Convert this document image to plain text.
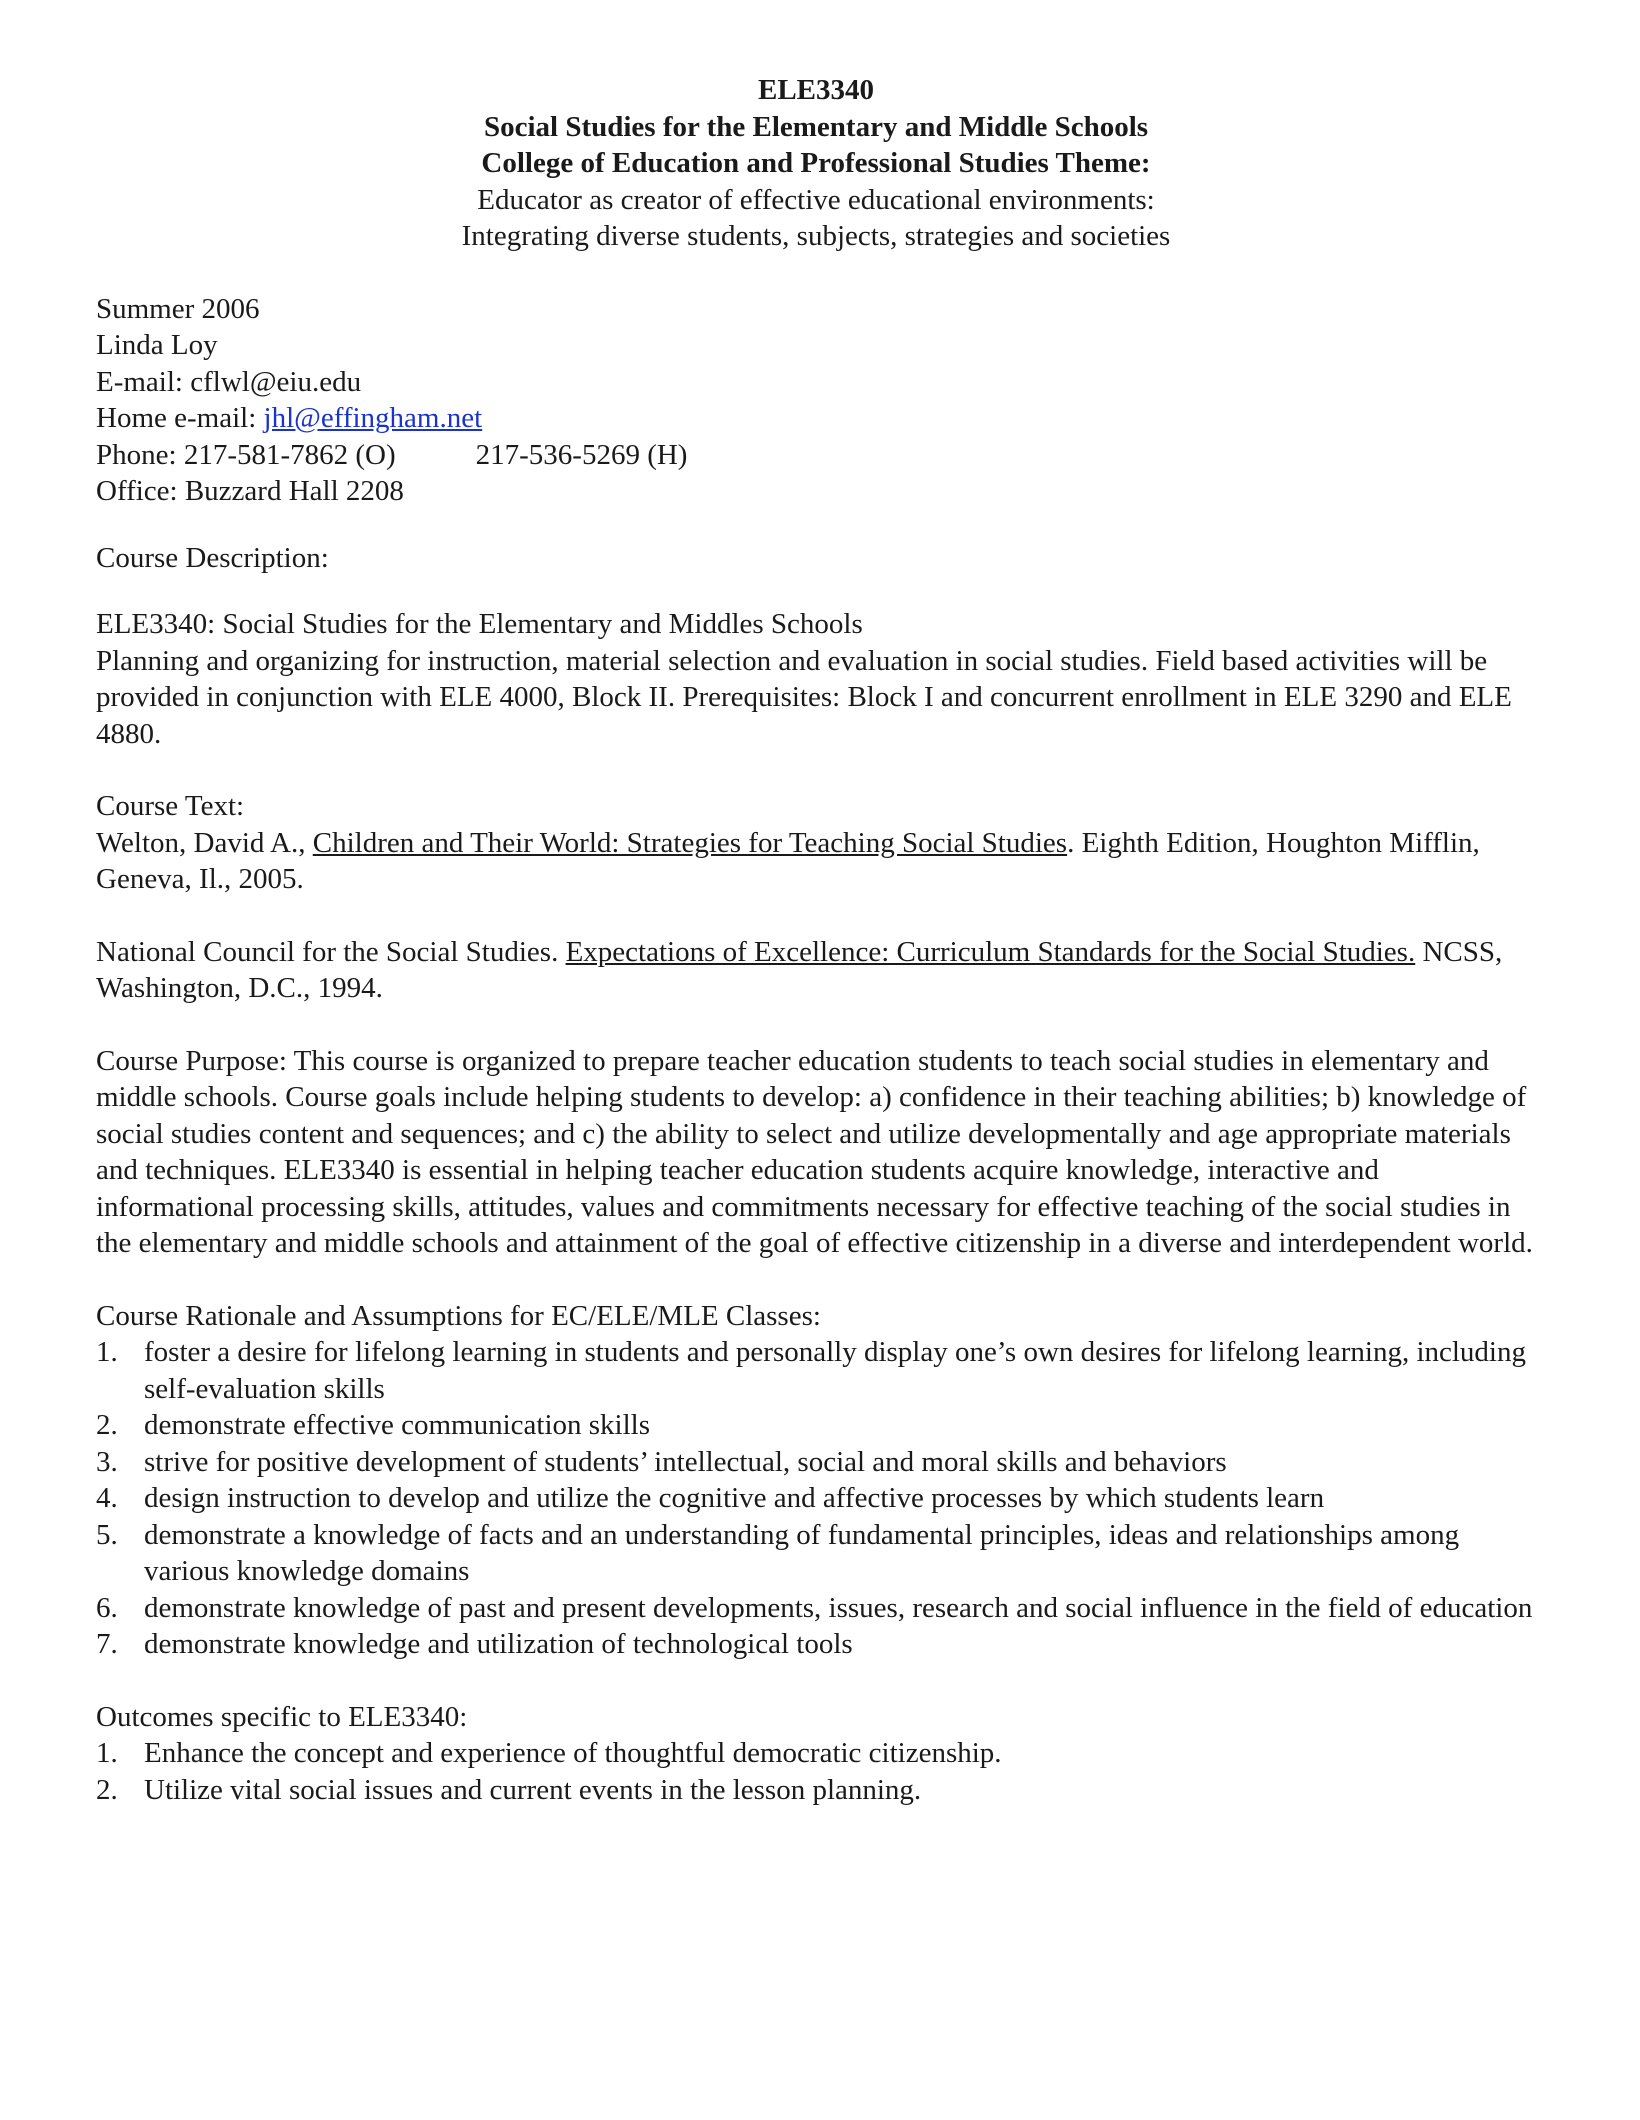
ELE3340
Social Studies for the Elementary and Middle Schools
College of Education and Professional Studies Theme:
Educator as creator of effective educational environments:
Integrating diverse students, subjects, strategies and societies
Summer 2006
Linda Loy
E-mail: cflwl@eiu.edu
Home e-mail: jhl@effingham.net
Phone: 217-581-7862 (O)	217-536-5269 (H)
Office: Buzzard Hall 2208
Course Description:
ELE3340: Social Studies for the Elementary and Middles Schools
Planning and organizing for instruction, material selection and evaluation in social studies. Field based activities will be provided in conjunction with ELE 4000, Block II. Prerequisites: Block I and concurrent enrollment in ELE 3290 and ELE 4880.
Course Text:
Welton, David A., Children and Their World: Strategies for Teaching Social Studies. Eighth Edition, Houghton Mifflin, Geneva, Il., 2005.
National Council for the Social Studies. Expectations of Excellence: Curriculum Standards for the Social Studies. NCSS, Washington, D.C., 1994.
Course Purpose: This course is organized to prepare teacher education students to teach social studies in elementary and middle schools. Course goals include helping students to develop: a) confidence in their teaching abilities; b) knowledge of social studies content and sequences; and c) the ability to select and utilize developmentally and age appropriate materials and techniques. ELE3340 is essential in helping teacher education students acquire knowledge, interactive and informational processing skills, attitudes, values and commitments necessary for effective teaching of the social studies in the elementary and middle schools and attainment of the goal of effective citizenship in a diverse and interdependent world.
Course Rationale and Assumptions for EC/ELE/MLE Classes:
1. foster a desire for lifelong learning in students and personally display one’s own desires for lifelong learning, including self-evaluation skills
2. demonstrate effective communication skills
3. strive for positive development of students’ intellectual, social and moral skills and behaviors
4. design instruction to develop and utilize the cognitive and affective processes by which students learn
5. demonstrate a knowledge of facts and an understanding of fundamental principles, ideas and relationships among various knowledge domains
6. demonstrate knowledge of past and present developments, issues, research and social influence in the field of education
7. demonstrate knowledge and utilization of technological tools
Outcomes specific to ELE3340:
1. Enhance the concept and experience of thoughtful democratic citizenship.
2. Utilize vital social issues and current events in the lesson planning.
